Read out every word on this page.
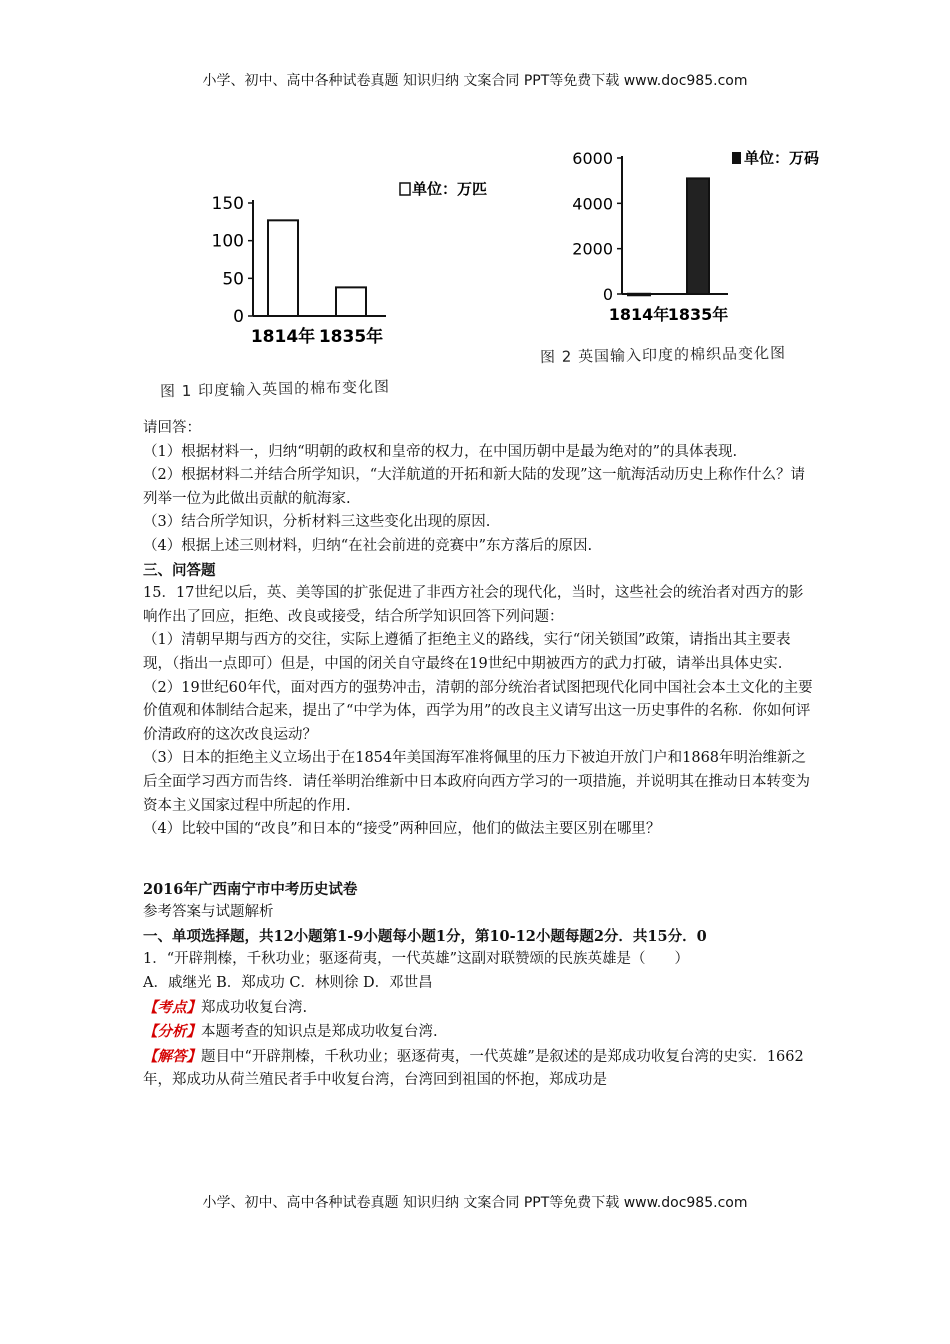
小学、初中、高中各种试卷真题 知识归纳 文案合同 PPT等免费下载 www.doc985.com
0
50
100
150
1814年 1835年
单位：万匹
图 1 印度输入英国的棉布变化图
0
2000
4000
6000
1814年
1835年
单位：万码
图 2 英国输入印度的棉织品变化图

请回答：

（1）根据材料一，归纳“明朝的政权和皇帝的权力，在中国历朝中是最为绝对的”的具体表现.

（2）根据材料二并结合所学知识，“大洋航道的开拓和新大陆的发现”这一航海活动历史上称作什么？请列举一位为此做出贡献的航海家.

（3）结合所学知识，分析材料三这些变化出现的原因.

（4）根据上述三则材料，归纳“在社会前进的竞赛中”东方落后的原因.

三、问答题

15．17世纪以后，英、美等国的扩张促进了非西方社会的现代化，当时，这些社会的统治者对西方的影响作出了回应，拒绝、改良或接受，结合所学知识回答下列问题：

（1）清朝早期与西方的交往，实际上遵循了拒绝主义的路线，实行“闭关锁国”政策，请指出其主要表现，（指出一点即可）但是，中国的闭关自守最终在19世纪中期被西方的武力打破，请举出具体史实.

（2）19世纪60年代，面对西方的强势冲击，清朝的部分统治者试图把现代化同中国社会本土文化的主要价值观和体制结合起来，提出了“中学为体，西学为用”的改良主义请写出这一历史事件的名称．你如何评价清政府的这次改良运动？

（3）日本的拒绝主义立场出于在1854年美国海军准将佩里的压力下被迫开放门户和1868年明治维新之后全面学习西方而告终．请任举明治维新中日本政府向西方学习的一项措施，并说明其在推动日本转变为资本主义国家过程中所起的作用.

（4）比较中国的“改良”和日本的“接受”两种回应，他们的做法主要区别在哪里？

2016年广西南宁市中考历史试卷

参考答案与试题解析

一、单项选择题，共12小题第1-9小题每小题1分，第10-12小题每题2分．共15分．0

1．“开辟荆榛，千秋功业；驱逐荷夷，一代英雄”这副对联赞颂的民族英雄是（　　）

A．戚继光 B．郑成功 C．林则徐 D．邓世昌

【考点】郑成功收复台湾.

【分析】本题考查的知识点是郑成功收复台湾.

【解答】题目中“开辟荆榛，千秋功业；驱逐荷夷，一代英雄”是叙述的是郑成功收复台湾的史实．1662年，郑成功从荷兰殖民者手中收复台湾，台湾回到祖国的怀抱，郑成功是

小学、初中、高中各种试卷真题 知识归纳 文案合同 PPT等免费下载 www.doc985.com
